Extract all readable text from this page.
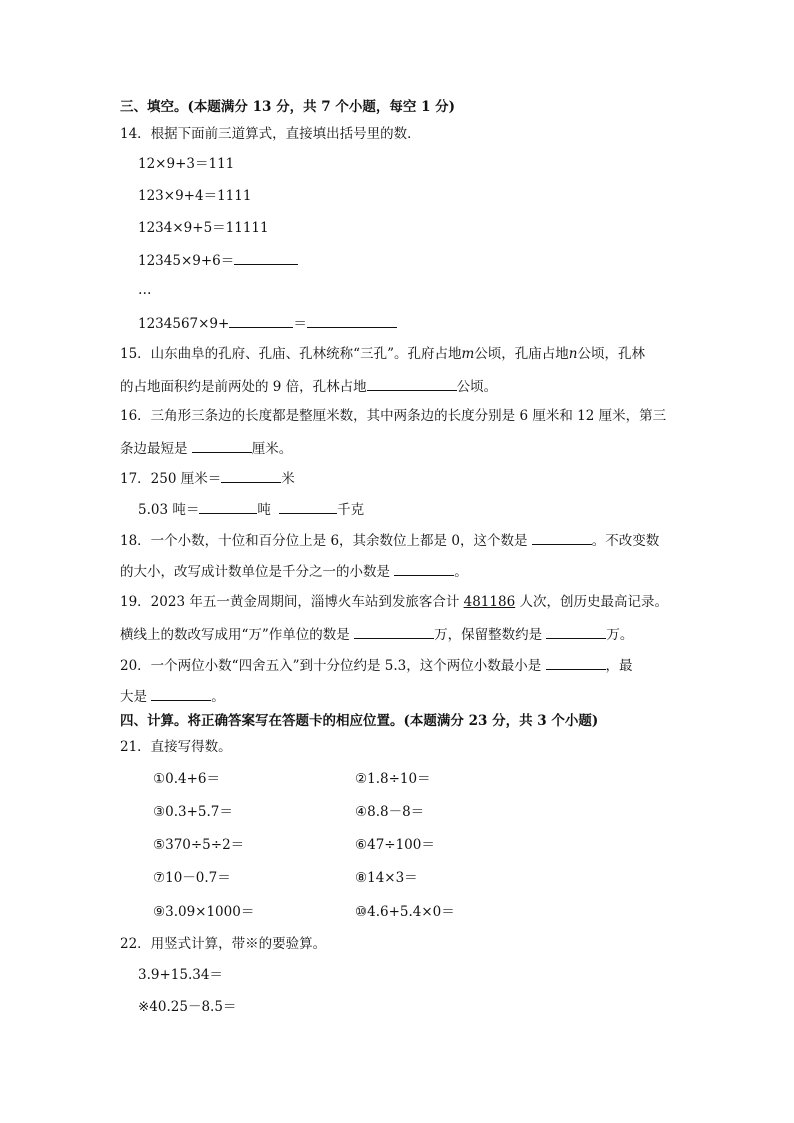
三、填空。(本题满分 13 分，共 7 个小题，每空 1 分)
14．根据下面前三道算式，直接填出括号里的数．
12×9+3＝111
123×9+4＝1111
1234×9+5＝11111
12345×9+6＝
…
1234567×9+	＝
15．山东曲阜的孔府、孔庙、孔林统称“三孔”。孔府占地m公顷，孔庙占地n公顷，孔林
的占地面积约是前两处的 9 倍，孔林占地	公顷。
16．三角形三条边的长度都是整厘米数，其中两条边的长度分别是 6 厘米和 12 厘米，第三
条边最短是	厘米。
17．250 厘米＝	米
5.03 吨＝	吨	千克
18．一个小数，十位和百分位上是 6，其余数位上都是 0，这个数是	。不改变数
的大小，改写成计数单位是千分之一的小数是	。
19．2023 年五一黄金周期间，淄博火车站到发旅客合计 481186 人次，创历史最高记录。
横线上的数改写成用“万”作单位的数是	万，保留整数约是	万。
20．一个两位小数“四舍五入”到十分位约是 5.3，这个两位小数最小是	，最
大是	。
四、计算。将正确答案写在答题卡的相应位置。(本题满分 23 分，共 3 个小题)
21．直接写得数。
①0.4+6＝	②1.8÷10＝
③0.3+5.7＝	④8.8－8＝
⑤370÷5÷2＝	⑥47÷100＝
⑦10－0.7＝	⑧14×3＝
⑨3.09×1000＝	⑩4.6+5.4×0＝
22．用竖式计算，带※的要验算。
3.9+15.34＝
※40.25－8.5＝
